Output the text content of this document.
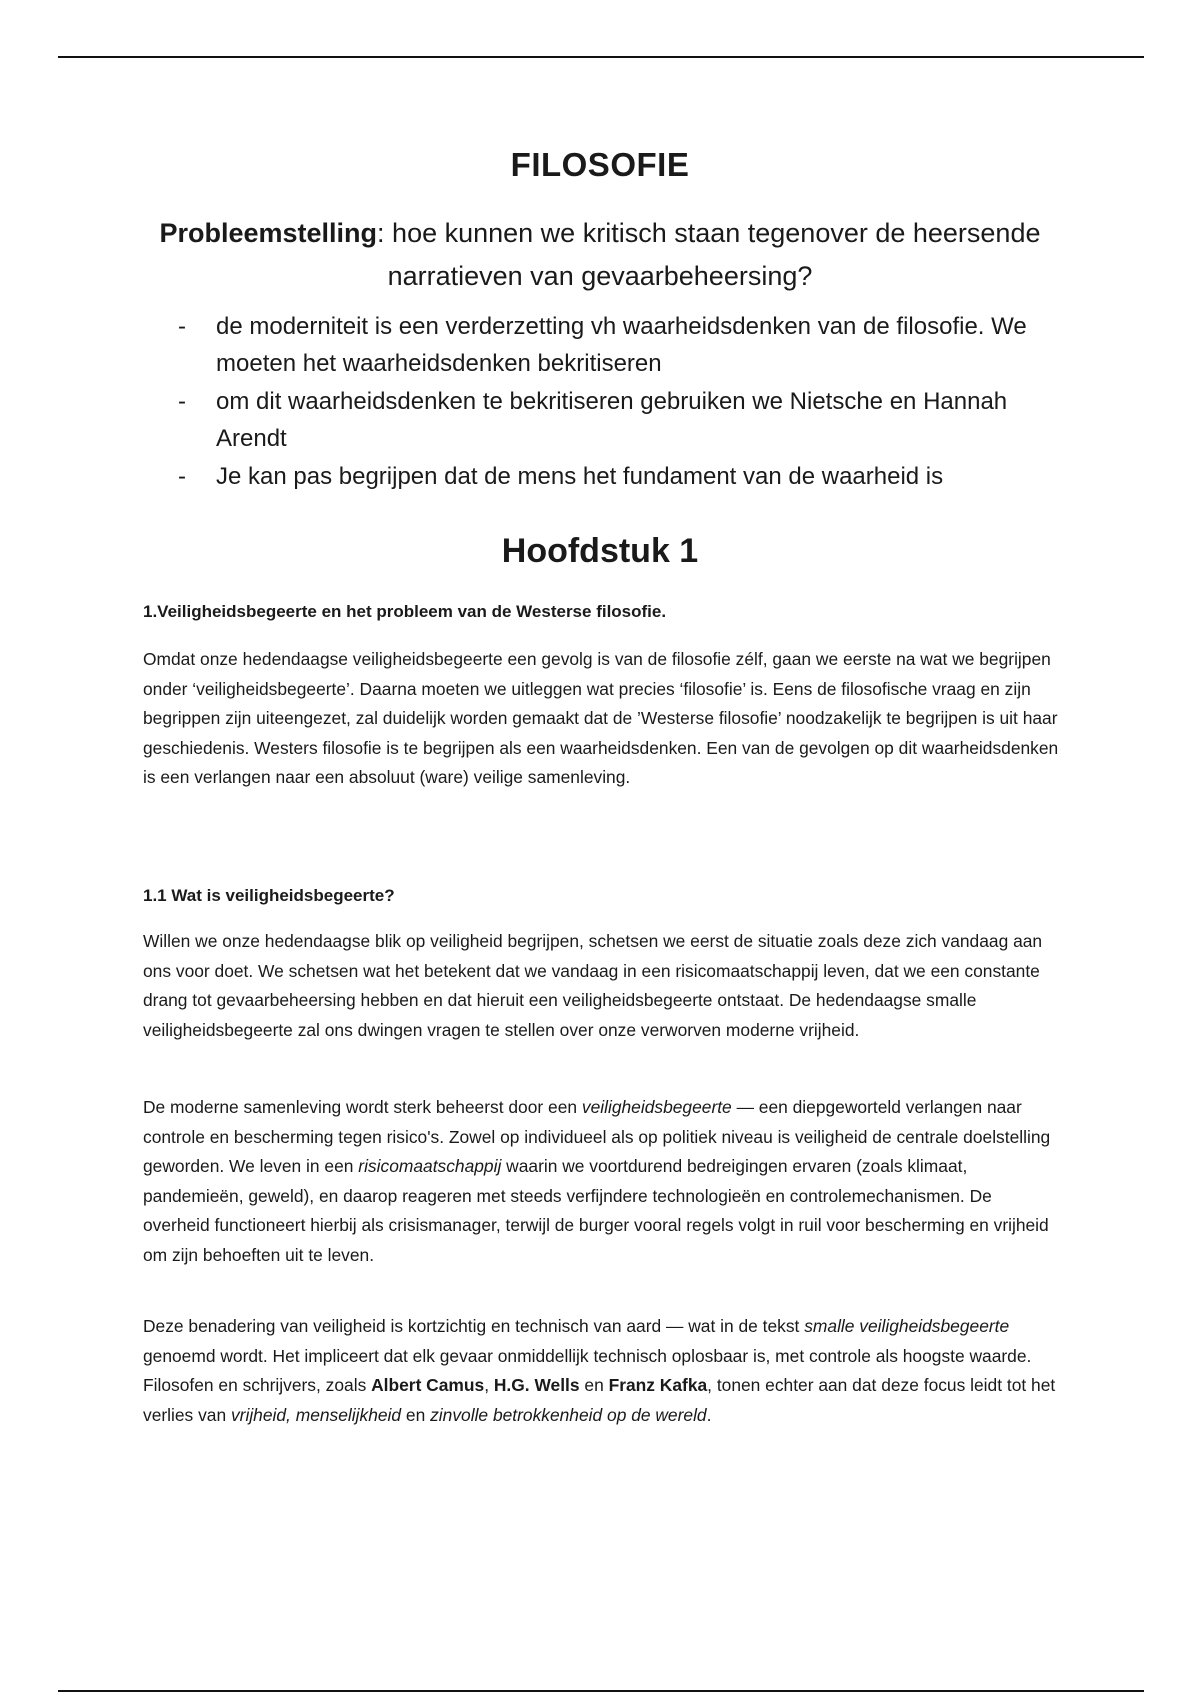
FILOSOFIE
Probleemstelling: hoe kunnen we kritisch staan tegenover de heersende narratieven van gevaarbeheersing?
- de moderniteit is een verderzetting vh waarheidsdenken van de filosofie. We moeten het waarheidsdenken bekritiseren
- om dit waarheidsdenken te bekritiseren gebruiken we Nietsche en Hannah Arendt
- Je kan pas begrijpen dat de mens het fundament van de waarheid is
Hoofdstuk 1
1.Veiligheidsbegeerte en het probleem van de Westerse filosofie.

Omdat onze hedendaagse veiligheidsbegeerte een gevolg is van de filosofie zélf, gaan we eerste na wat we begrijpen onder ‘veiligheidsbegeerte’. Daarna moeten we uitleggen wat precies ‘filosofie’ is. Eens de filosofische vraag en zijn begrippen zijn uiteengezet, zal duidelijk worden gemaakt dat de ’Westerse filosofie’ noodzakelijk te begrijpen is uit haar geschiedenis. Westers filosofie is te begrijpen als een waarheidsdenken. Een van de gevolgen op dit waarheidsdenken is een verlangen naar een absoluut (ware) veilige samenleving.

1.1 Wat is veiligheidsbegeerte?

Willen we onze hedendaagse blik op veiligheid begrijpen, schetsen we eerst de situatie zoals deze zich vandaag aan ons voor doet. We schetsen wat het betekent dat we vandaag in een risicomaatschappij leven, dat we een constante drang tot gevaarbeheersing hebben en dat hieruit een veiligheidsbegeerte ontstaat. De hedendaagse smalle veiligheidsbegeerte zal ons dwingen vragen te stellen over onze verworven moderne vrijheid.

De moderne samenleving wordt sterk beheerst door een veiligheidsbegeerte — een diepgeworteld verlangen naar controle en bescherming tegen risico's. Zowel op individueel als op politiek niveau is veiligheid de centrale doelstelling geworden. We leven in een risicomaatschappij waarin we voortdurend bedreigingen ervaren (zoals klimaat, pandemieën, geweld), en daarop reageren met steeds verfijndere technologieën en controlemechanismen. De overheid functioneert hierbij als crisismanager, terwijl de burger vooral regels volgt in ruil voor bescherming en vrijheid om zijn behoeften uit te leven.

Deze benadering van veiligheid is kortzichtig en technisch van aard — wat in de tekst smalle veiligheidsbegeerte genoemd wordt. Het impliceert dat elk gevaar onmiddellijk technisch oplosbaar is, met controle als hoogste waarde. Filosofen en schrijvers, zoals Albert Camus, H.G. Wells en Franz Kafka, tonen echter aan dat deze focus leidt tot het verlies van vrijheid, menselijkheid en zinvolle betrokkenheid op de wereld.
